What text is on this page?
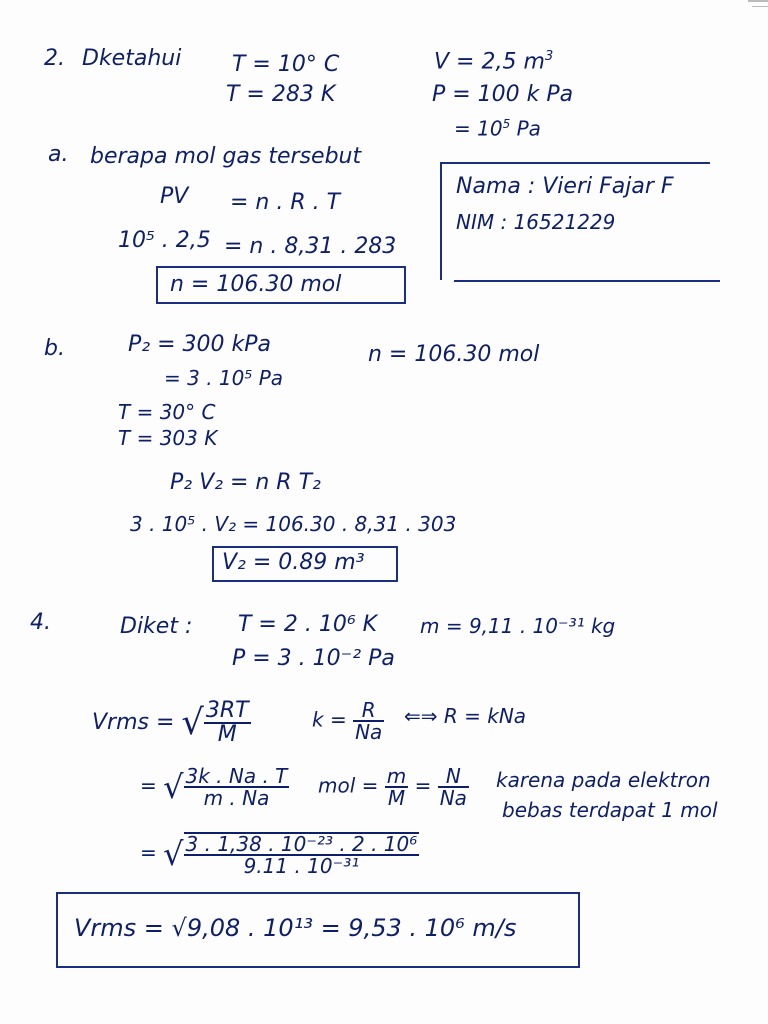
2. Dketahui T = 10° C
T = 283 K
V = 2,5 $m^3$
P = 100 k Pa
= $10^5$ Pa
a. berapa mol gas tersebut
PV = n . R . T
10⁵ . 2,5 = n . 8,31 . 283
n = 106.30 mol
Nama : Vieri Fajar F
NIM : 16521229
b.	P₂ = 300 kPa	n = 106.30 mol
= 3 . 10⁵ Pa
T = 30° C
T = 303 K
P₂ V₂ = n R T₂
3 . 10⁵ . V₂ = 106.30 . 8,31 . 303
V₂ = 0.89 m³
4.	Diket : T = 2 . 10⁶ K m = 9,11 . 10⁻³¹ kg
P = 3 . 10⁻² Pa
Vrms = √ $\frac{3RT}{M}$	$k = \frac{R}{Na}$ ⇐⇒ R = kNa
= √ $\frac{3k . Na . T}{m . Na}$ mol = $\frac{m}{M} = \frac{N}{Na}$ karena pada elektron
bebas terdapat 1 mol
= √ $\frac{\text{3 . 1,38 . 10⁻²³ . 2 . 10⁶}}{\text{9.11 . 10⁻³¹}}$
Vrms = √9,08 . 10¹³ = 9,53 . 10⁶ m/s
